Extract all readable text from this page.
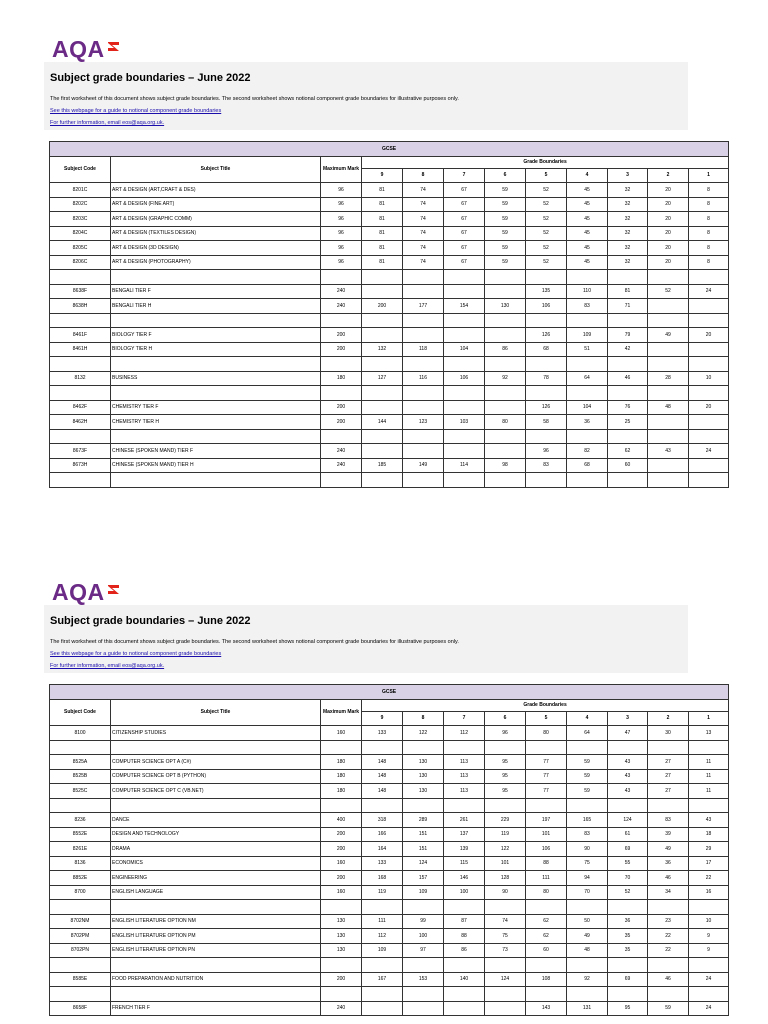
AQA
Subject grade boundaries – June 2022
The first worksheet of this document shows subject grade boundaries. The second worksheet shows notional component grade boundaries for illustrative purposes only.
See this webpage for a guide to notional component grade boundaries
For further information, email eos@aqa.org.uk.
GCSE											
Subject Code	Subject Title	Maximum Mark	Grade Boundaries								
			9	8	7	6	5	4	3	2	1
8201C	ART & DESIGN (ART,CRAFT & DES)	96	81	74	67	59	52	45	32	20	8
8202C	ART & DESIGN (FINE ART)	96	81	74	67	59	52	45	32	20	8
8203C	ART & DESIGN (GRAPHIC COMM)	96	81	74	67	59	52	45	32	20	8
8204C	ART & DESIGN (TEXTILES DESIGN)	96	81	74	67	59	52	45	32	20	8
8205C	ART & DESIGN (3D DESIGN)	96	81	74	67	59	52	45	32	20	8
8206C	ART & DESIGN (PHOTOGRAPHY)	96	81	74	67	59	52	45	32	20	8

8638F	BENGALI TIER F	240					135	110	81	52	24
8638H	BENGALI TIER H	240	200	177	154	130	106	83	71		

8461F	BIOLOGY TIER F	200					126	109	79	49	20
8461H	BIOLOGY TIER H	200	132	118	104	86	68	51	42		

8132	BUSINESS	180	127	116	106	92	78	64	46	28	10

8462F	CHEMISTRY TIER F	200					126	104	76	48	20
8462H	CHEMISTRY TIER H	200	144	123	103	80	58	36	25		

8673F	CHINESE (SPOKEN MAND) TIER F	240					96	82	62	43	24
8673H	CHINESE (SPOKEN MAND) TIER H	240	185	149	114	98	83	68	60		

AQA
Subject grade boundaries – June 2022
The first worksheet of this document shows subject grade boundaries. The second worksheet shows notional component grade boundaries for illustrative purposes only.
See this webpage for a guide to notional component grade boundaries
For further information, email eos@aqa.org.uk.
GCSE											
Subject Code	Subject Title	Maximum Mark	Grade Boundaries								
			9	8	7	6	5	4	3	2	1
8100	CITIZENSHIP STUDIES	160	133	122	112	96	80	64	47	30	13

8525A	COMPUTER SCIENCE OPT A (C#)	180	148	130	113	95	77	59	43	27	11
8525B	COMPUTER SCIENCE OPT B (PYTHON)	180	148	130	113	95	77	59	43	27	11
8525C	COMPUTER SCIENCE OPT C (VB.NET)	180	148	130	113	95	77	59	43	27	11

8236	DANCE	400	318	289	261	229	197	165	124	83	43
8552E	DESIGN AND TECHNOLOGY	200	166	151	137	119	101	83	61	39	18
8261E	DRAMA	200	164	151	139	122	106	90	69	49	29
8136	ECONOMICS	160	133	124	115	101	88	75	55	36	17
8852E	ENGINEERING	200	168	157	146	128	111	94	70	46	22
8700	ENGLISH LANGUAGE	160	119	109	100	90	80	70	52	34	16

8702NM	ENGLISH LITERATURE OPTION NM	130	111	99	87	74	62	50	36	23	10
8702PM	ENGLISH LITERATURE OPTION PM	130	112	100	88	75	62	49	35	22	9
8702PN	ENGLISH LITERATURE OPTION PN	130	109	97	86	73	60	48	35	22	9

8585E	FOOD PREPARATION AND NUTRITION	200	167	153	140	124	108	92	69	46	24

8658F	FRENCH TIER F	240					143	131	95	59	24
